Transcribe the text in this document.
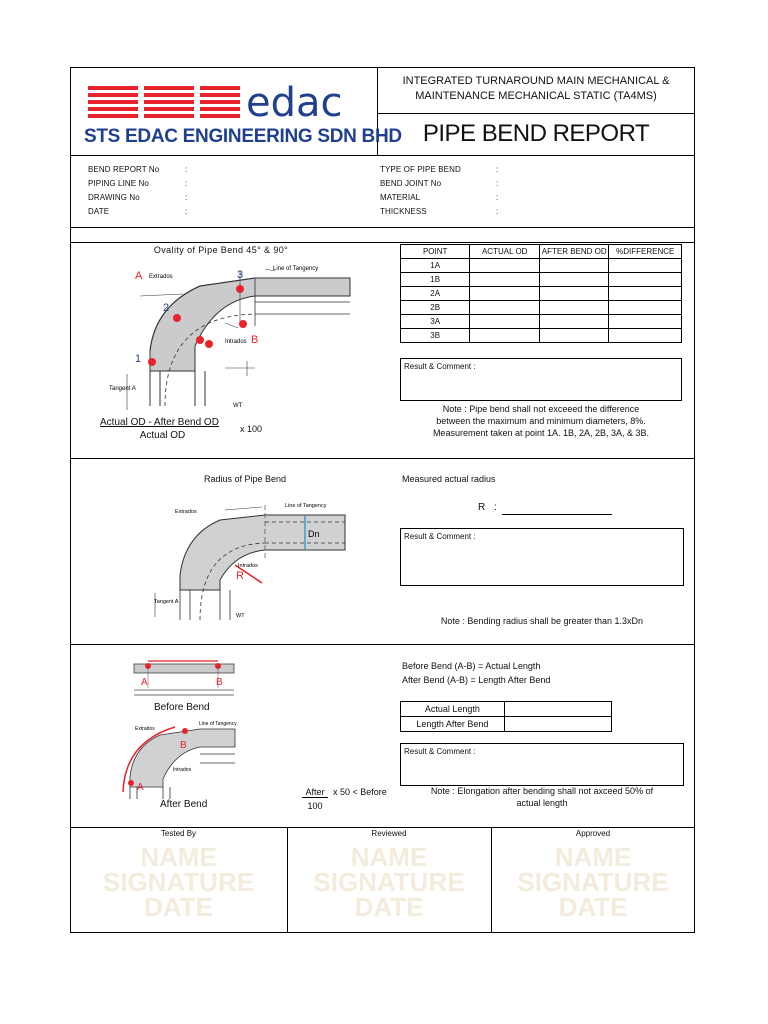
edac
STS EDAC ENGINEERING SDN BHD
INTEGRATED TURNAROUND MAIN MECHANICAL &
MAINTENANCE MECHANICAL STATIC (TA4MS)
PIPE BEND REPORT
BEND REPORT No	:
PIPING LINE No	:
DRAWING No	:
DATE	:
TYPE OF PIPE BEND	:
BEND JOINT No	:
MATERIAL	:
THICKNESS	:
Ovality of Pipe Bend 45° & 90°
A Extrados	3	Line of Tangency
2
B
Intrados
1
Tangent A
WT
Actual OD - After Bend OD
Actual OD
x 100
POINT	ACTUAL OD	AFTER BEND OD	%DIFFERENCE
1A			
1B			
2A			
2B			
3A			
3B			
Result & Comment :
Note : Pipe bend shall not exceeed the difference
between the maximum and minimum diameters, 8%.
Measurement taken at point 1A. 1B, 2A, 2B, 3A, & 3B.
Radius of Pipe Bend
Extrados
Line of Tangency
Dn
Intrados
R
Tangent A
WT
Measured actual radius
R :
Result & Comment :
Note : Bending radius shall be greater than 1.3xDn
A	B
Before Bend
Extrados
Line of Tangency
Intrados
B
A
After Bend
After
100
x 50 < Before
Before Bend (A-B) = Actual Length
After Bend (A-B) = Length After Bend
Actual Length	
Length After Bend	
Result & Comment :
Note : Elongation after bending shall not axceed 50% of
actual length
Tested By
NAME
SIGNATURE
DATE
Reviewed
NAME
SIGNATURE
DATE
Approved
NAME
SIGNATURE
DATE
